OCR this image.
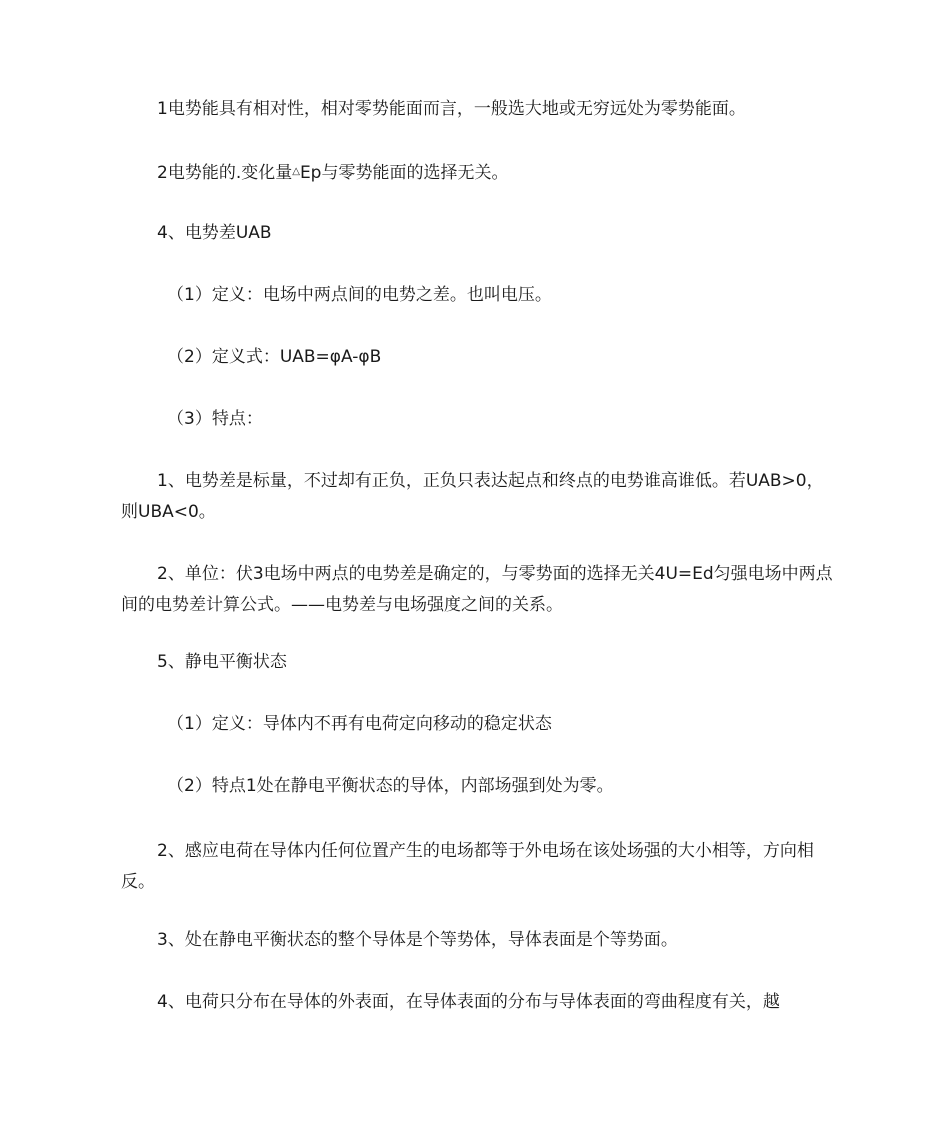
1电势能具有相对性，相对零势能面而言，一般选大地或无穷远处为零势能面。

2电势能的.变化量△Ep与零势能面的选择无关。

4、电势差UAB

（1）定义：电场中两点间的电势之差。也叫电压。

（2）定义式：UAB=φA-φB

（3）特点：

1、电势差是标量，不过却有正负，正负只表达起点和终点的电势谁高谁低。若UAB>0，则UBA<0。

2、单位：伏3电场中两点的电势差是确定的，与零势面的选择无关4U=Ed匀强电场中两点间的电势差计算公式。——电势差与电场强度之间的关系。

5、静电平衡状态

（1）定义：导体内不再有电荷定向移动的稳定状态

（2）特点1处在静电平衡状态的导体，内部场强到处为零。

2、感应电荷在导体内任何位置产生的电场都等于外电场在该处场强的大小相等，方向相反。

3、处在静电平衡状态的整个导体是个等势体，导体表面是个等势面。

4、电荷只分布在导体的外表面，在导体表面的分布与导体表面的弯曲程度有关，越
